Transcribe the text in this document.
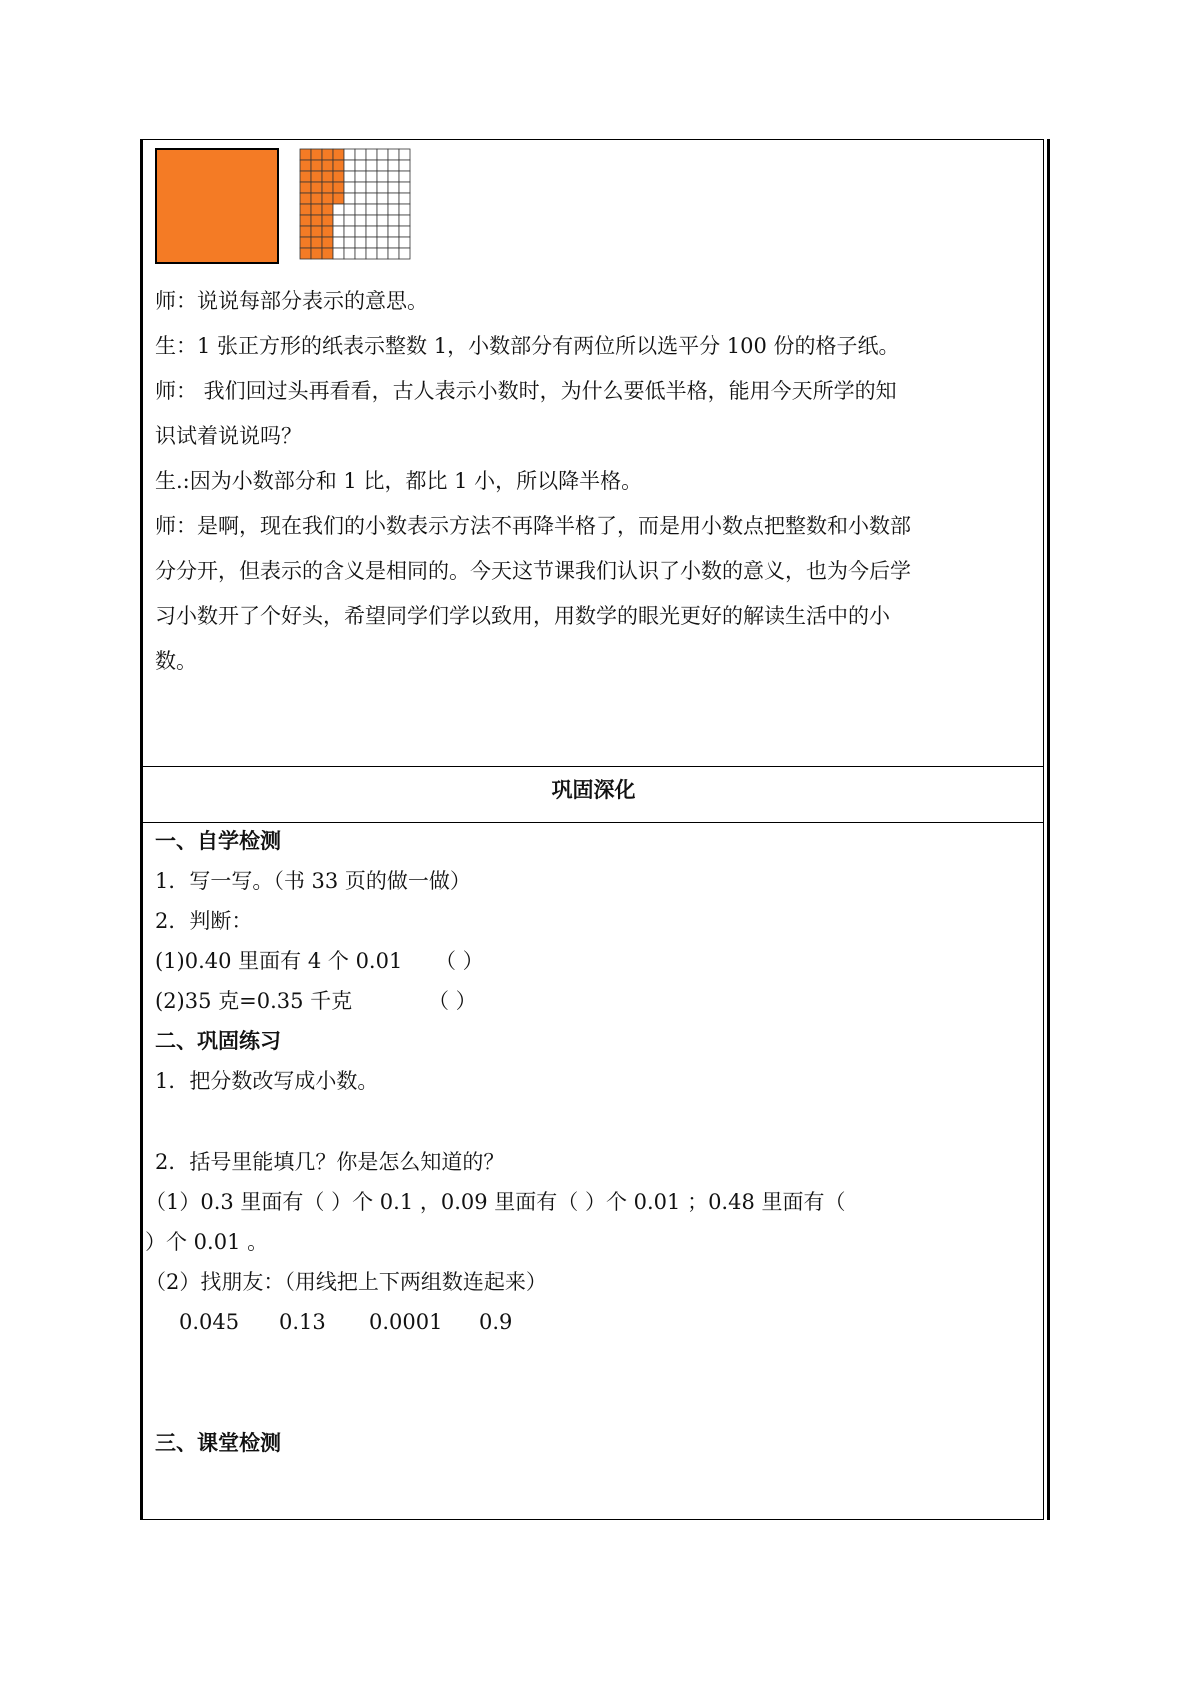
师：说说每部分表示的意思。
生：1 张正方形的纸表示整数 1，小数部分有两位所以选平分 100 份的格子纸。
师： 我们回过头再看看，古人表示小数时，为什么要低半格，能用今天所学的知
识试着说说吗？
生.:因为小数部分和 1 比，都比 1 小，所以降半格。
师：是啊，现在我们的小数表示方法不再降半格了，而是用小数点把整数和小数部
分分开，但表示的含义是相同的。今天这节课我们认识了小数的意义，也为今后学
习小数开了个好头，希望同学们学以致用，用数学的眼光更好的解读生活中的小
数。
巩固深化
一、自学检测
1．写一写。（书 33 页的做一做）
2．判断：
(1)0.40 里面有 4 个 0.01 （ ）
(2)35 克=0.35 千克	（ ）
二、巩固练习
1．把分数改写成小数。
2．括号里能填几？你是怎么知道的？
（1）0.3 里面有（ ）个 0.1 ，0.09 里面有（ ）个 0.01 ；0.48 里面有（
）个 0.01 。
（2）找朋友：（用线把上下两组数连起来）
0.045 0.13 0.0001 0.9
三、课堂检测
